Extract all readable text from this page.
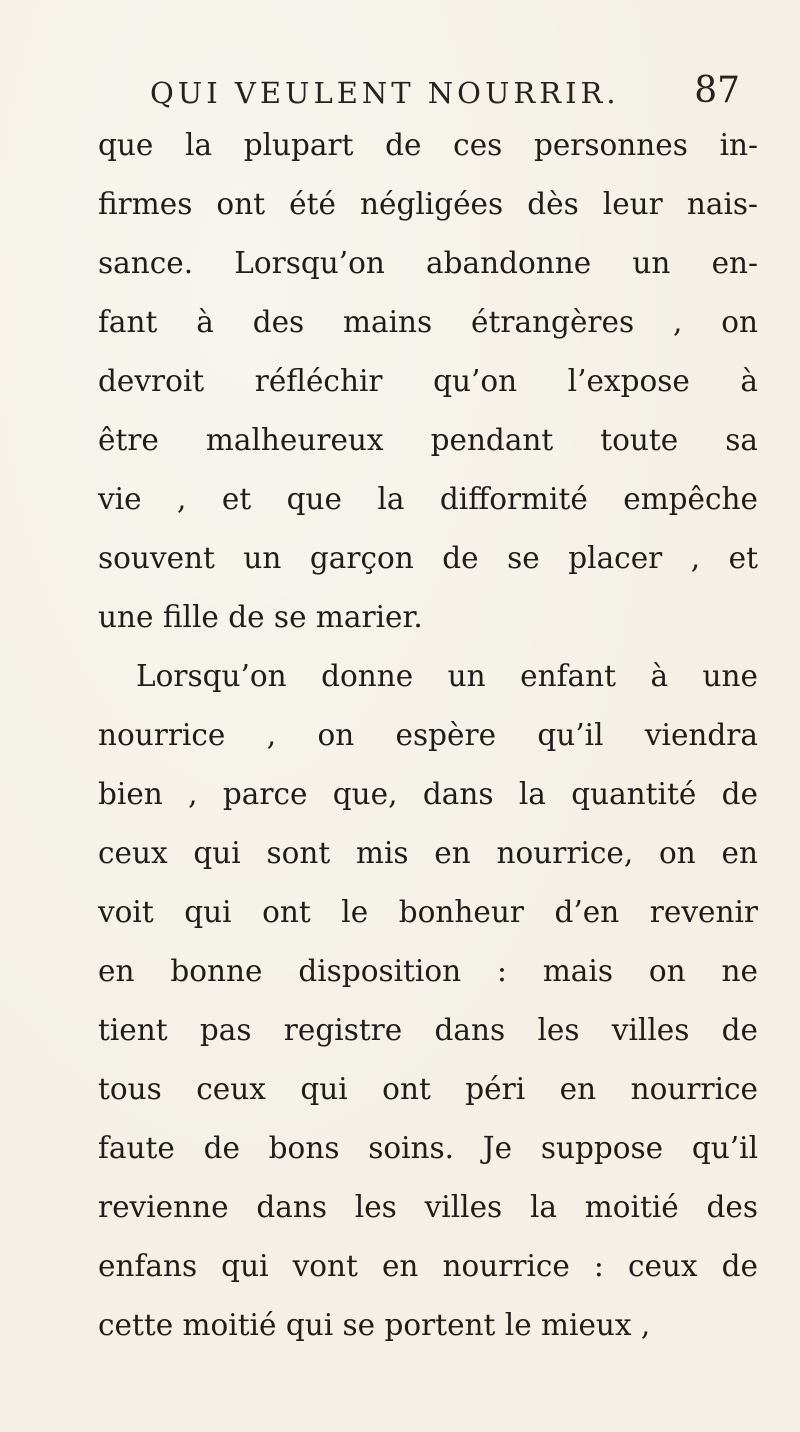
QUI VEULENT NOURRIR. 87
que la plupart de ces personnes in-
firmes ont été négligées dès leur nais-
sance. Lorsqu’on abandonne un en-
fant à des mains étrangères , on
devroit réfléchir qu’on l’expose à
être malheureux pendant toute sa
vie , et que la difformité empêche
souvent un garçon de se placer , et
une fille de se marier.
Lorsqu’on donne un enfant à une
nourrice , on espère qu’il viendra
bien , parce que, dans la quantité de
ceux qui sont mis en nourrice, on en
voit qui ont le bonheur d’en revenir
en bonne disposition : mais on ne
tient pas registre dans les villes de
tous ceux qui ont péri en nourrice
faute de bons soins. Je suppose qu’il
revienne dans les villes la moitié des
enfans qui vont en nourrice : ceux de
cette moitié qui se portent le mieux ,
